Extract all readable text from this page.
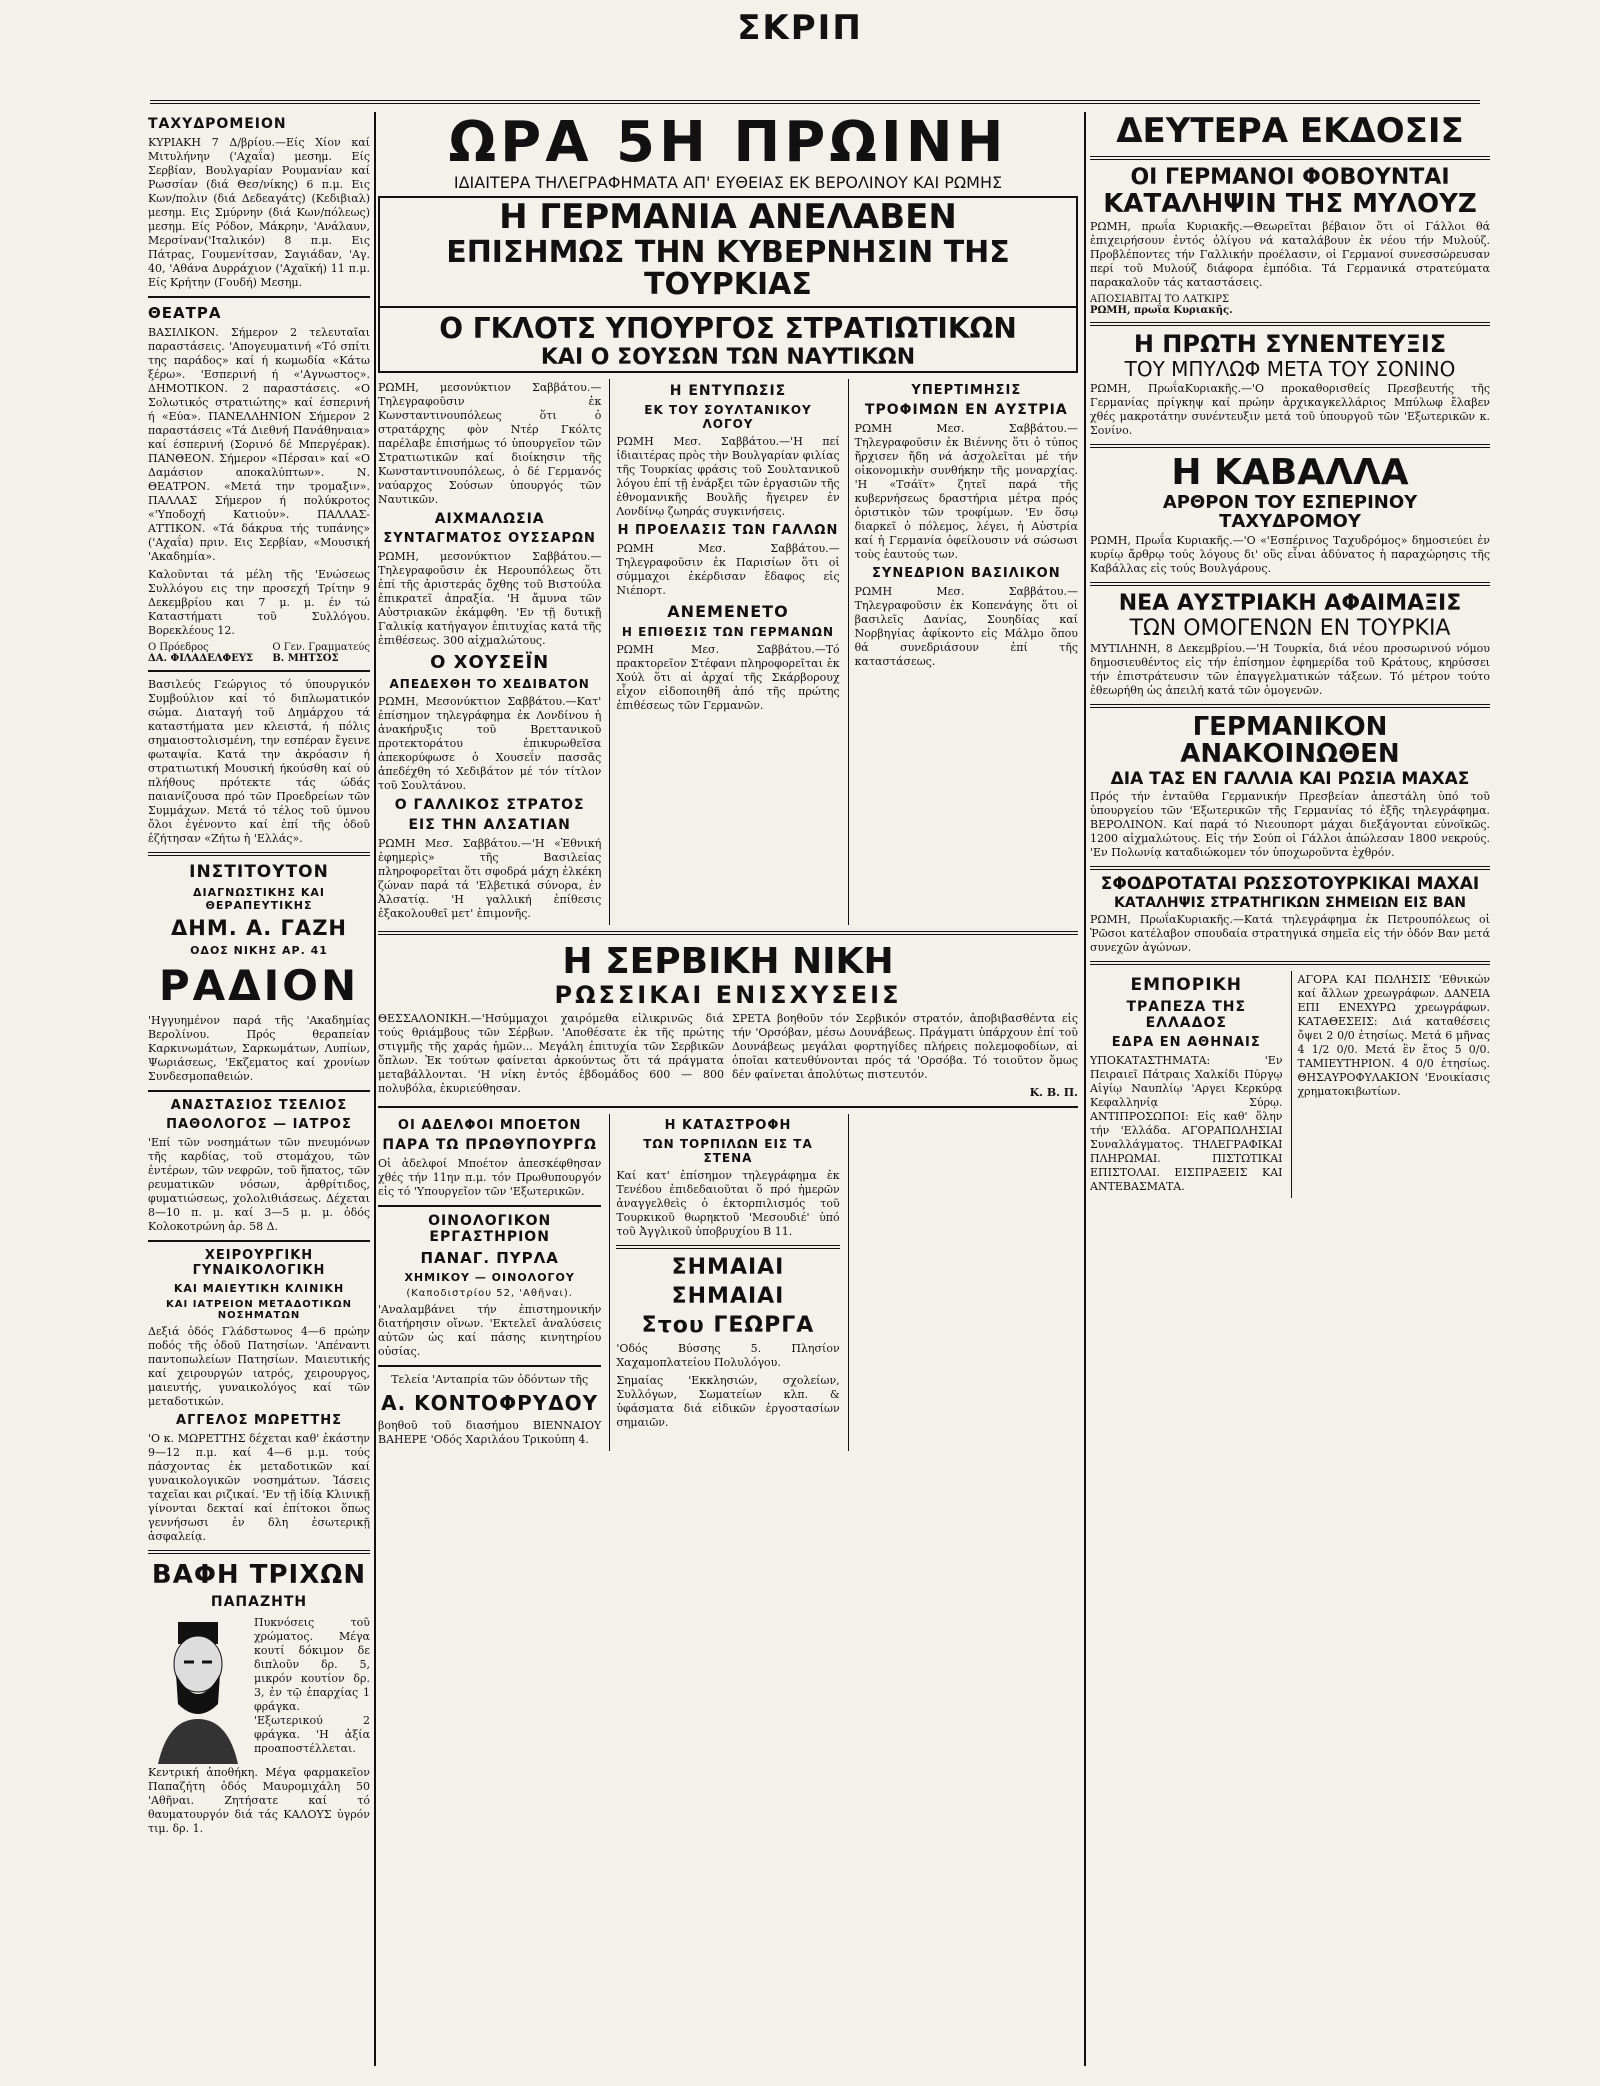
ΣΚΡΙΠ
ΤΑΧΥΔΡΟΜΕΙΟΝ

ΚΥΡΙΑΚΗ 7 Δ/βρίου.—Είς Χίον καί Μιτυλήνην ('Αχαΐα) μεσημ. Είς Σερβίαν, Βουλγαρίαν Ρουμανίαν καί Ρωσσίαν (διά Θεσ/νίκης) 6 π.μ. Εις Κων/πολιν (διά Δεδεαγάτς) (Κεδιβιαλ) μεσημ. Εις Σμύρνην (διά Κων/πόλεως) μεσημ. Είς Ρόδον, Μάκρην, 'Ανάλαυν, Μερσίναν('Ιταλικόν) 8 π.μ. Εις Πάτρας, Γουμενίτσαν, Σαγιάδαν, 'Αγ. 40, 'Αθάνα Δυρράχιον ('Αχαϊκή) 11 π.μ. Είς Κρήτην (Γουδή) Μεσημ.

ΘΕΑΤΡΑ

ΒΑΣΙΛΙΚΟΝ. Σήμερον 2 τελευταῖαι παραστάσεις. 'Απογευματινή «Τό σπίτι της παράδος» καί ή κωμωδία «Κάτω ξέρω». 'Εσπερινή ή «'Αγνωστος». ΔΗΜΟΤΙΚΟΝ. 2 παραστάσεις. «Ο Σολωτικός στρατιώτης» καί έσπερινή ή «Εύα». ΠΑΝΕΛΛΗΝΙΟΝ Σήμερον 2 παραστάσεις «Τά Διεθνή Πανάθηναια» καί έσπερινή (Σορινό δέ Μπεργέρακ). ΠΑΝΘΕΟΝ. Σήμερον «Πέρσαι» καί «Ο Δαμάσιον αποκαλύπτων». Ν. ΘΕΑΤΡΟΝ. «Μετά την τρομαξιν». ΠΑΛΛΑΣ Σήμερον ή πολύκροτος «'Υποδοχή Κατιούν». ΠΑΛΛΑΣ-ΑΤΤΙΚΟΝ. «Τά δάκρυα τής τυπάνης» ('Αχαΐα) πριν. Εις Σερβίαν, «Μουσική 'Ακαδημία».

Καλοῦνται τά μέλη τῆς 'Ενώσεως Συλλόγου εις την προσεχή Τρίτην 9 Δεκεμβρίου και 7 μ. μ. έν τώ Καταστήματι τοῦ Συλλόγου. Βορεκλέους 12.

Ο Πρόεδρος
ΔΑ. ΦΙΛΑΔΕΛΦΕΥΣ
Ο Γεν. Γραμματεύς
Β. ΜΗΤΣΟΣ

Βασιλεύς Γεώργιος τό ύπουργικόν Συμβούλιον καί τό διπλωματικόν σώμα. Διαταγή τοῦ Δημάρχου τά καταστήματα μεν κλειστά, ή πόλις σημαιοστολισμένη, την εσπέραν ἔγεινε φωταψία. Κατά την ἀκρόασιν ή στρατιωτική Μουσική ήκούσθη καί ού πλήθους πρότεκτε τάς ώδάς παιανίζουσα πρό τῶν Προεδρείων τῶν Συμμάχων. Μετά τό τέλος τοῦ ύμνου ὄλοι ἐγένοντο καί ἐπί τῆς ὁδοῦ ἐζήτησαν «Ζήτω ἡ 'Ελλάς».

ΙΝΣΤΙΤΟΥΤΟΝ
ΔΙΑΓΝΩΣΤΙΚΗΣ ΚΑΙ ΘΕΡΑΠΕΥΤΙΚΗΣ
ΔΗΜ. Α. ΓΑΖΗ
ΟΔΟΣ ΝΙΚΗΣ ΑΡ. 41
ΡΑΔΙΟΝ

'Ηγγυημένον παρά τῆς 'Ακαδημίας Βερολίνου. Πρός θεραπείαν Καρκινωμάτων, Σαρκωμάτων, Λυπίων, Ψωριάσεως, 'Εκζεματος καί χρονίων Συνδεσμοπαθειών.

ΑΝΑΣΤΑΣΙΟΣ ΤΣΕΛΙΟΣ
ΠΑΘΟΛΟΓΟΣ — ΙΑΤΡΟΣ

'Επί τῶν νοσημάτων τῶν πνευμόνων τῆς καρδίας, τοῦ στομάχου, τῶν ἐντέρων, τῶν νεφρῶν, τοῦ ἥπατος, τῶν ρευματικῶν νόσων, ἀρθρίτιδος, φυματιώσεως, χολολιθιάσεως. Δέχεται 8—10 π. μ. καί 3—5 μ. μ. ὁδός Κολοκοτρώνη ἀρ. 58 Δ.

ΧΕΙΡΟΥΡΓΙΚΗ ΓΥΝΑΙΚΟΛΟΓΙΚΗ
ΚΑΙ ΜΑΙΕΥΤΙΚΗ ΚΛΙΝΙΚΗ
ΚΑΙ ΙΑΤΡΕΙΟΝ ΜΕΤΑΔΟΤΙΚΩΝ ΝΟΣΗΜΑΤΩΝ

Δεξιά ὁδός Γλάδστωνος 4—6 πρώην ποδός τῆς ὁδοῦ Πατησίων. 'Απέναντι παντοπωλείων Πατησίων. Μαιευτικής καί χειρουργών ιατρός, χειρουργος, μαιευτής, γυναικολόγος καί τῶν μεταδοτικών.

ΑΓΓΕΛΟΣ ΜΩΡΕΤΤΗΣ

'Ο κ. ΜΩΡΕΤΤΗΣ δέχεται καθ' ἑκάστην 9—12 π.μ. καί 4—6 μ.μ. τούς πάσχοντας ἐκ μεταδοτικῶν καί γυναικολογικῶν νοσημάτων. Ἰάσεις ταχεῖαι και ριζικαί. 'Εν τῇ ἰδίᾳ Κλινικῇ γίνονται δεκταί καί ἐπίτοκοι ὅπως γεννήσωσι ἐν δλη ἐσωτερικῇ ἀσφαλείᾳ.

ΒΑΦΗ ΤΡΙΧΩΝ
ΠΑΠΑΖΗΤΗ

Πυκνόσεις τοῦ χρώματος. Μέγα κουτί δόκιμον δε διπλοῦν δρ. 5, μικρόν κουτίον δρ. 3, ἐν τῷ ἐπαρχίας 1 φράγκα. 'Εξωτερικού 2 φράγκα. 'Η ἀξία προαποστέλλεται.

Κεντρική ἀποθήκη. Μέγα φαρμακεῖον Παπαζήτη ὁδός Μαυρομιχάλη 50 'Αθῆναι. Ζητήσατε καί τό θαυματουργόν διά τάς ΚΑΛΟΥΣ ὑγρόν τιμ. δρ. 1.

ΩΡΑ 5Η ΠΡΩΙΝΗ
ΙΔΙΑΙΤΕΡΑ ΤΗΛΕΓΡΑΦΗΜΑΤΑ ΑΠ' ΕΥΘΕΙΑΣ ΕΚ ΒΕΡΟΛΙΝΟΥ ΚΑΙ ΡΩΜΗΣ
Η ΓΕΡΜΑΝΙΑ ΑΝΕΛΑΒΕΝ
ΕΠΙΣΗΜΩΣ ΤΗΝ ΚΥΒΕΡΝΗΣΙΝ ΤΗΣ ΤΟΥΡΚΙΑΣ
Ο ΓΚΛΟΤΣ ΥΠΟΥΡΓΟΣ ΣΤΡΑΤΙΩΤΙΚΩΝ
ΚΑΙ Ο ΣΟΥΣΩΝ ΤΩΝ ΝΑΥΤΙΚΩΝ

ΡΩΜΗ, μεσονύκτιον Σαββάτου.— Τηλεγραφοῦσιν ἐκ Κωνσταντινουπόλεως ὅτι ὁ στρατάρχης φὸν Ντέρ Γκόλτς παρέλαβε ἐπισήμως τό ὑπουργεῖον τῶν Στρατιωτικῶν καί διοίκησιν τῆς Κωνσταντινουπόλεως, ὁ δέ Γερμανός ναύαρχος Σούσων ὑπουργός τῶν Ναυτικῶν.

ΑΙΧΜΑΛΩΣΙΑ
ΣΥΝΤΑΓΜΑΤΟΣ ΟΥΣΣΑΡΩΝ

ΡΩΜΗ, μεσονύκτιον Σαββάτου.— Τηλεγραφοῦσιν ἐκ Ηερουπόλεως ὅτι ἐπί τῆς ἀριστεράς ὄχθης τοῦ Βιστούλα ἐπικρατεῖ ἀπραξία. 'Η ἄμυνα τῶν Αὐστριακῶν ἐκάμφθη. 'Εν τῇ δυτικῇ Γαλικίᾳ κατήγαγον ἐπιτυχίας κατά τῆς ἐπιθέσεως. 300 αἰχμαλώτους.

Ο ΧΟΥΣΕΪΝ
ΑΠΕΔΕΧΘΗ ΤΟ ΧΕΔΙΒΑΤΟΝ

ΡΩΜΗ, Μεσονύκτιον Σαββάτου.—Κατ' ἐπίσημον τηλεγράφημα ἐκ Λονδίνου ἡ ἀνακήρυξις τοῦ Βρεττανικοῦ προτεκτοράτου ἐπικυρωθεῖσα ἀπεκορύφωσε ὁ Χουσεΐν πασσᾶς ἀπεδέχθη τό Χεδιβάτον μέ τόν τίτλον τοῦ Σουλτάνου.

Ο ΓΑΛΛΙΚΟΣ ΣΤΡΑΤΟΣ
ΕΙΣ ΤΗΝ ΑΛΣΑΤΙΑΝ

ΡΩΜΗ Μεσ. Σαββάτου.—'Η «Ἐθνική ἐφημερὶς» τῆς Βασιλείας πληροφορεῖται ὅτι σφοδρά μάχη ἐλκέκη ζώναν παρά τά 'Ελβετικά σύνορα, ἐν Ἀλσατίᾳ. 'Η γαλλική ἐπίθεσις ἐξακολουθεῖ μετ' ἐπιμονῆς.

Η ΕΝΤΥΠΩΣΙΣ
ΕΚ ΤΟΥ ΣΟΥΛΤΑΝΙΚΟΥ ΛΟΓΟΥ

ΡΩΜΗ Μεσ. Σαββάτου.—'Η πεί ἰδιαιτέρας πρὸς τὴν Βουλγαρίαν φιλίας τῆς Τουρκίας φράσις τοῦ Σουλτανικοῦ λόγου ἐπί τῇ ἐνάρξει τῶν ἐργασιῶν τῆς ἐθνομανικῆς Βουλῆς ἤγειρεν ἐν Λονδίνῳ ζωηράς συγκινήσεις.

Η ΠΡΟΕΛΑΣΙΣ ΤΩΝ ΓΑΛΛΩΝ

ΡΩΜΗ Μεσ. Σαββάτου.—Τηλεγραφοῦσιν ἐκ Παρισίων ὅτι οἱ σύμμαχοι ἐκέρδισαν ἔδαφος εἰς Νιέπορτ.

ΑΝΕΜΕΝΕΤΟ
Η ΕΠΙΘΕΣΙΣ ΤΩΝ ΓΕΡΜΑΝΩΝ

ΡΩΜΗ Μεσ. Σαββάτου.—Τό πρακτορεῖον Στέφανι πληροφορεῖται ἐκ Χούλ ὅτι αἱ ἀρχαί τῆς Σκάρβορουχ εἶχον εἰδοποιηθῆ ἀπό τῆς πρώτης ἐπιθέσεως τῶν Γερμανῶν.

ΥΠΕΡΤΙΜΗΣΙΣ
ΤΡΟΦΙΜΩΝ ΕΝ ΑΥΣΤΡΙΑ

ΡΩΜΗ Μεσ. Σαββάτου.—Τηλεγραφοῦσιν ἐκ Βιέννης ὅτι ὁ τύπος ἤρχισεν ἤδη νά ἀσχολεῖται μέ τήν οἰκονομικὴν συνθήκην τῆς μοναρχίας. 'Η «Τσάϊτ» ζητεῖ παρά τῆς κυβερνήσεως δραστήρια μέτρα πρός ὁριστικὸν τῶν τροφίμων. 'Εν ὅσῳ διαρκεῖ ὁ πόλεμος, λέγει, ἡ Αὐστρία καί ἡ Γερμανία ὀφείλουσιν νά σώσωσι τοὺς ἑαυτούς των.

ΣΥΝΕΔΡΙΟΝ ΒΑΣΙΛΙΚΟΝ

ΡΩΜΗ Μεσ. Σαββάτου.—Τηλεγραφοῦσιν ἐκ Κοπενάγης ὅτι οἱ βασιλεῖς Δανίας, Σουηδίας καί Νορβηγίας ἀφίκοντο εἰς Μάλμο ὅπου θά συνεδριάσουν ἐπί τῆς καταστάσεως.

Η ΣΕΡΒΙΚΗ ΝΙΚΗ
ΡΩΣΣΙΚΑΙ ΕΝΙΣΧΥΣΕΙΣ

ΘΕΣΣΑΛΟΝΙΚΗ.—'Ησύμμαχοι χαιρόμεθα εἰλικρινῶς διά τούς θριάμβους τῶν Σέρβων. 'Αποθέσατε ἐκ τῆς πρώτης στιγμῆς τῆς χαράς ἡμῶν... Μεγάλη ἐπιτυχία τῶν Σερβικῶν ὅπλων. Ἐκ τούτων φαίνεται ἀρκούντως ὅτι τά πράγματα μεταβάλλονται. 'Η νίκη ἐντός ἐβδομάδος 600 — 800 πολυβόλα, ἐκυριεύθησαν.

ΣΡΕΤΑ βοηθοῦν τόν Σερβικόν στρατόν, ἀποβιβασθέντα εἰς τήν 'Ορσόβαν, μέσω Δουνάβεως. Πράγματι ὑπάρχουν ἐπί τοῦ Δουνάβεως μεγάλαι φορτηγίδες πλήρεις πολεμοφοδίων, αἱ ὁποῖαι κατευθύνονται πρός τά 'Ορσόβα. Τό τοιοῦτον ὅμως δέν φαίνεται ἀπολύτως πιστευτόν.

Κ. Β. Π.
ΟΙ ΑΔΕΛΦΟΙ ΜΠΟΕΤΟΝ
ΠΑΡΑ ΤΩ ΠΡΩΘΥΠΟΥΡΓΩ

Οἱ ἀδελφοί Μποέτον ἀπεσκέφθησαν χθές τήν 11ην π.μ. τόν Πρωθυπουργόν εἰς τό 'Υπουργεῖον τῶν 'Εξωτερικῶν.

ΟΙΝΟΛΟΓΙΚΟΝ ΕΡΓΑΣΤΗΡΙΟΝ
ΠΑΝΑΓ. ΠΥΡΛΑ
ΧΗΜΙΚΟΥ — ΟΙΝΟΛΟΓΟΥ
(Καποδιστρίου 52, 'Αθῆναι).

'Αναλαμβάνει τήν ἐπιστημονικήν διατήρησιν οἴνων. 'Εκτελεῖ ἀναλύσεις αὐτῶν ὡς καί πάσης κινητηρίου οὐσίας.

Τελεία 'Ανταπρία τῶν ὀδόντων τῆς

Α. ΚΟΝΤΟΦΡΥΔΟΥ

βοηθοῦ τοῦ διασήμου ΒΙΕΝΝΑΙΟΥ ΒΑΗΕΡΕ 'Οδός Χαριλάου Τρικούπη 4.

Η ΚΑΤΑΣΤΡΟΦΗ
ΤΩΝ ΤΟΡΠΙΛΩΝ ΕΙΣ ΤΑ ΣΤΕΝΑ

Καί κατ' ἐπίσημον τηλεγράφημα ἐκ Τενέδου ἐπιδεδαιοῦται ὅ πρό ἡμερῶν ἀναγγελθεὶς ὁ ἐκτορπιλισμός τοῦ Τουρκικοῦ θωρηκτοῦ 'Μεσουδιέ' ὑπό τοῦ Ἀγγλικοῦ ὑποβρυχίου Β 11.

ΣΗΜΑΙΑΙ
ΣΗΜΑΙΑΙ
Στου ΓΕΩΡΓΑ

'Οδός Βύσσης 5. Πλησίον Χαχαμοπλατείου Πολυλόγου.

Σημαίας 'Εκκλησιών, σχολείων, Συλλόγων, Σωματείων κλπ. & ὑφάσματα διά εἰδικῶν ἐργοστασίων σημαιῶν.

ΔΕΥΤΕΡΑ ΕΚΔΟΣΙΣ
ΟΙ ΓΕΡΜΑΝΟΙ ΦΟΒΟΥΝΤΑΙ
ΚΑΤΑΛΗΨΙΝ ΤΗΣ ΜΥΛΟΥΖ

ΡΩΜΗ, πρωΐα Κυριακῆς.—Θεωρεῖται βέβαιον ὅτι οἱ Γάλλοι θά ἐπιχειρήσουν ἐντός ὀλίγου νά καταλάβουν ἐκ νέου τήν Μυλούζ. Προβλέποντες τήν Γαλλικήν προέλασιν, οἱ Γερμανοί συνεσσώρευσαν περί τοῦ Μυλούζ διάφορα ἐμπόδια. Τά Γερμανικά στρατεύματα παρακαλοῦν τάς καταστάσεις.

ΑΠΟΣΙΑΒΙΤΑΙ ΤΟ ΛΑΤΚΙΡΣ
ΡΩΜΗ, πρωΐα Κυριακῆς.
Η ΠΡΩΤΗ ΣΥΝΕΝΤΕΥΞΙΣ
ΤΟΥ ΜΠΥΛΩΦ ΜΕΤΑ ΤΟΥ ΣΟΝΙΝΟ

ΡΩΜΗ, ΠρωΐαΚυριακῆς.—'Ο προκαθορισθείς Πρεσβευτής τῆς Γερμανίας πρίγκηψ καί πρώην ἀρχικαγκελλάριος Μπύλωφ ἔλαβεν χθές μακροτάτην συνέντευξιν μετά τοῦ ὑπουργοῦ τῶν 'Εξωτερικῶν κ. Σονίνο.

Η ΚΑΒΑΛΛΑ
ΑΡΘΡΟΝ ΤΟΥ ΕΣΠΕΡΙΝΟΥ ΤΑΧΥΔΡΟΜΟΥ

ΡΩΜΗ, Πρωΐα Κυριακῆς.—'Ο «'Εσπέρινος Ταχυδρόμος» δημοσιεύει ἐν κυρίῳ ἄρθρῳ τούς λόγους δι' οὓς εἶναι ἀδύνατος ἡ παραχώρησις τῆς Καβάλλας εἰς τούς Βουλγάρους.

ΝΕΑ ΑΥΣΤΡΙΑΚΗ ΑΦΑΙΜΑΞΙΣ
ΤΩΝ ΟΜΟΓΕΝΩΝ ΕΝ ΤΟΥΡΚΙΑ

ΜΥΤΙΛΗΝΗ, 8 Δεκεμβρίου.—'Η Τουρκία, διά νέου προσωρινού νόμου δημοσιευθέντος εἰς τήν ἐπίσημον ἐφημερίδα τοῦ Κράτους, κηρύσσει τήν ἐπιστράτευσιν τῶν ἐπαγγελματικών τάξεων. Τό μέτρον τούτο ἐθεωρήθη ὡς ἀπειλή κατά τῶν ὁμογενῶν.

ΓΕΡΜΑΝΙΚΟΝ ΑΝΑΚΟΙΝΩΘΕΝ
ΔΙΑ ΤΑΣ ΕΝ ΓΑΛΛΙΑ ΚΑΙ ΡΩΣΙΑ ΜΑΧΑΣ

Πρός τήν ἐνταῦθα Γερμανικήν Πρεσβείαν ἀπεστάλη ὑπό τοῦ ὑπουργείου τῶν 'Εξωτερικῶν τῆς Γερμανίας τό ἑξῆς τηλεγράφημα. ΒΕΡΟΛΙΝΟΝ. Καί παρά τό Νιεουπορτ μάχαι διεξάγονται εὐνοϊκῶς. 1200 αἰχμαλώτους. Εἰς τήν Σούπ οἱ Γάλλοι ἀπώλεσαν 1800 νεκρούς. 'Εν Πολωνίᾳ καταδιώκομεν τόν ὑποχωροῦντα ἐχθρόν.

ΣΦΟΔΡΟΤΑΤΑΙ ΡΩΣΣΟΤΟΥΡΚΙΚΑΙ ΜΑΧΑΙ
ΚΑΤΑΛΗΨΙΣ ΣΤΡΑΤΗΓΙΚΩΝ ΣΗΜΕΙΩΝ ΕΙΣ ΒΑΝ

ΡΩΜΗ, ΠρωΐαΚυριακῆς.—Κατά τηλεγράφημα ἐκ Πετρουπόλεως οἱ Ῥῶσοι κατέλαβον σπουδαία στρατηγικά σημεῖα εἰς τήν ὁδόν Βαν μετά συνεχῶν ἀγώνων.

ΕΜΠΟΡΙΚΗ
ΤΡΑΠΕΖΑ ΤΗΣ ΕΛΛΑΔΟΣ
ΕΔΡΑ ΕΝ ΑΘΗΝΑΙΣ

ΥΠΟΚΑΤΑΣΤΗΜΑΤΑ: 'Εν Πειραιεῖ Πάτραις Χαλκίδι Πύργῳ Αἰγίῳ Ναυπλίῳ 'Αργει Κερκύρᾳ Κεφαλληνίᾳ Σύρῳ. ΑΝΤΙΠΡΟΣΩΠΟΙ: Εἰς καθ' ὅλην τήν 'Ελλάδα. ΑΓΟΡΑΠΩΛΗΣΙΑΙ Συναλλάγματος. ΤΗΛΕΓΡΑΦΙΚΑΙ ΠΛΗΡΩΜΑΙ. ΠΙΣΤΩΤΙΚΑΙ ΕΠΙΣΤΟΛΑΙ. ΕΙΣΠΡΑΞΕΙΣ ΚΑΙ ΑΝΤΕΒΑΣΜΑΤΑ.

ΑΓΟΡΑ ΚΑΙ ΠΩΛΗΣΙΣ 'Εθνικών καί ἄλλων χρεωγράφων. ΔΑΝΕΙΑ ΕΠΙ ΕΝΕΧΥΡΩ χρεωγράφων. ΚΑΤΑΘΕΣΕΙΣ: Διά καταθέσεις ὄψει 2 0/0 ἐτησίως. Μετά 6 μῆνας 4 1/2 0/0. Μετά ἓν ἔτος 5 0/0. ΤΑΜΙΕΥΤΗΡΙΟΝ. 4 0/0 ἐτησίως. ΘΗΣΑΥΡΟΦΥΛΑΚΙΟΝ 'Ενοικίασις χρηματοκιβωτίων.
